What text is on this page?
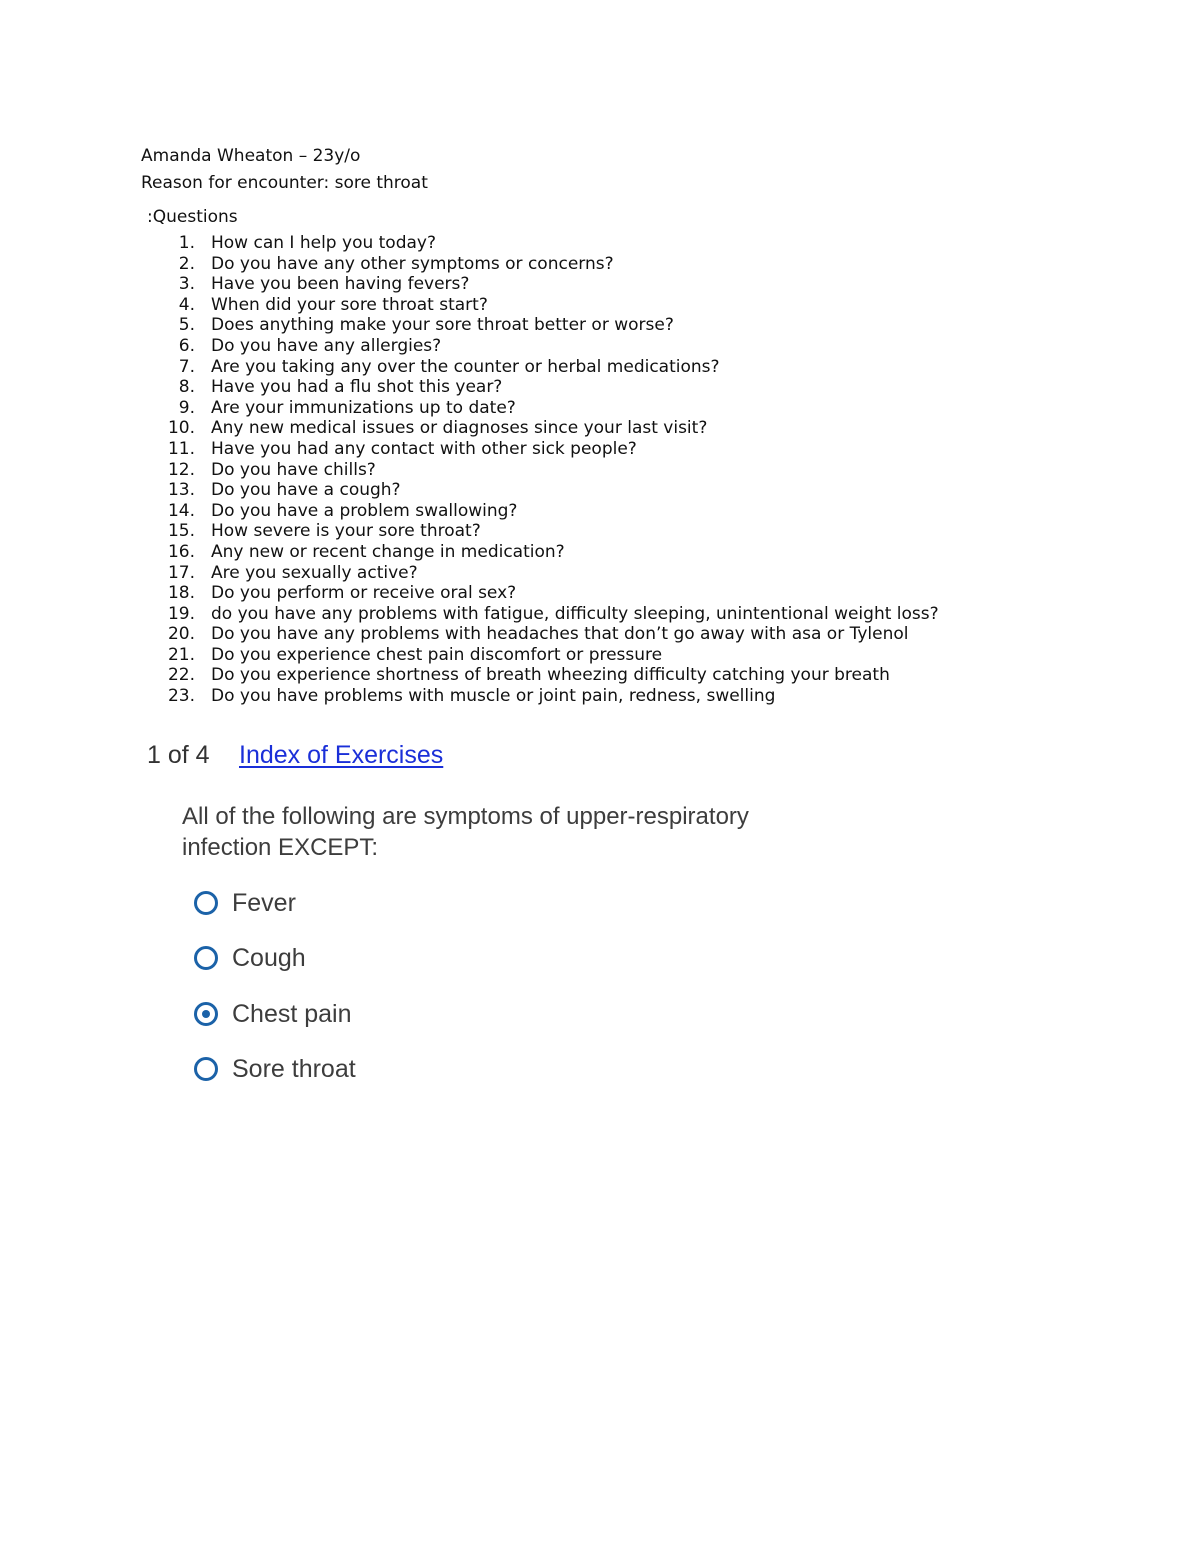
Amanda Wheaton – 23y/o
Reason for encounter: sore throat
:Questions
1. How can I help you today?
2. Do you have any other symptoms or concerns?
3. Have you been having fevers?
4. When did your sore throat start?
5. Does anything make your sore throat better or worse?
6. Do you have any allergies?
7. Are you taking any over the counter or herbal medications?
8. Have you had a flu shot this year?
9. Are your immunizations up to date?
10. Any new medical issues or diagnoses since your last visit?
11. Have you had any contact with other sick people?
12. Do you have chills?
13. Do you have a cough?
14. Do you have a problem swallowing?
15. How severe is your sore throat?
16. Any new or recent change in medication?
17. Are you sexually active?
18. Do you perform or receive oral sex?
19. do you have any problems with fatigue, difficulty sleeping, unintentional weight loss?
20. Do you have any problems with headaches that don’t go away with asa or Tylenol
21. Do you experience chest pain discomfort or pressure
22. Do you experience shortness of breath wheezing difficulty catching your breath
23. Do you have problems with muscle or joint pain, redness, swelling
1 of 4 Index of Exercises
All of the following are symptoms of upper-respiratory infection EXCEPT:
Fever
Cough
Chest pain
Sore throat
